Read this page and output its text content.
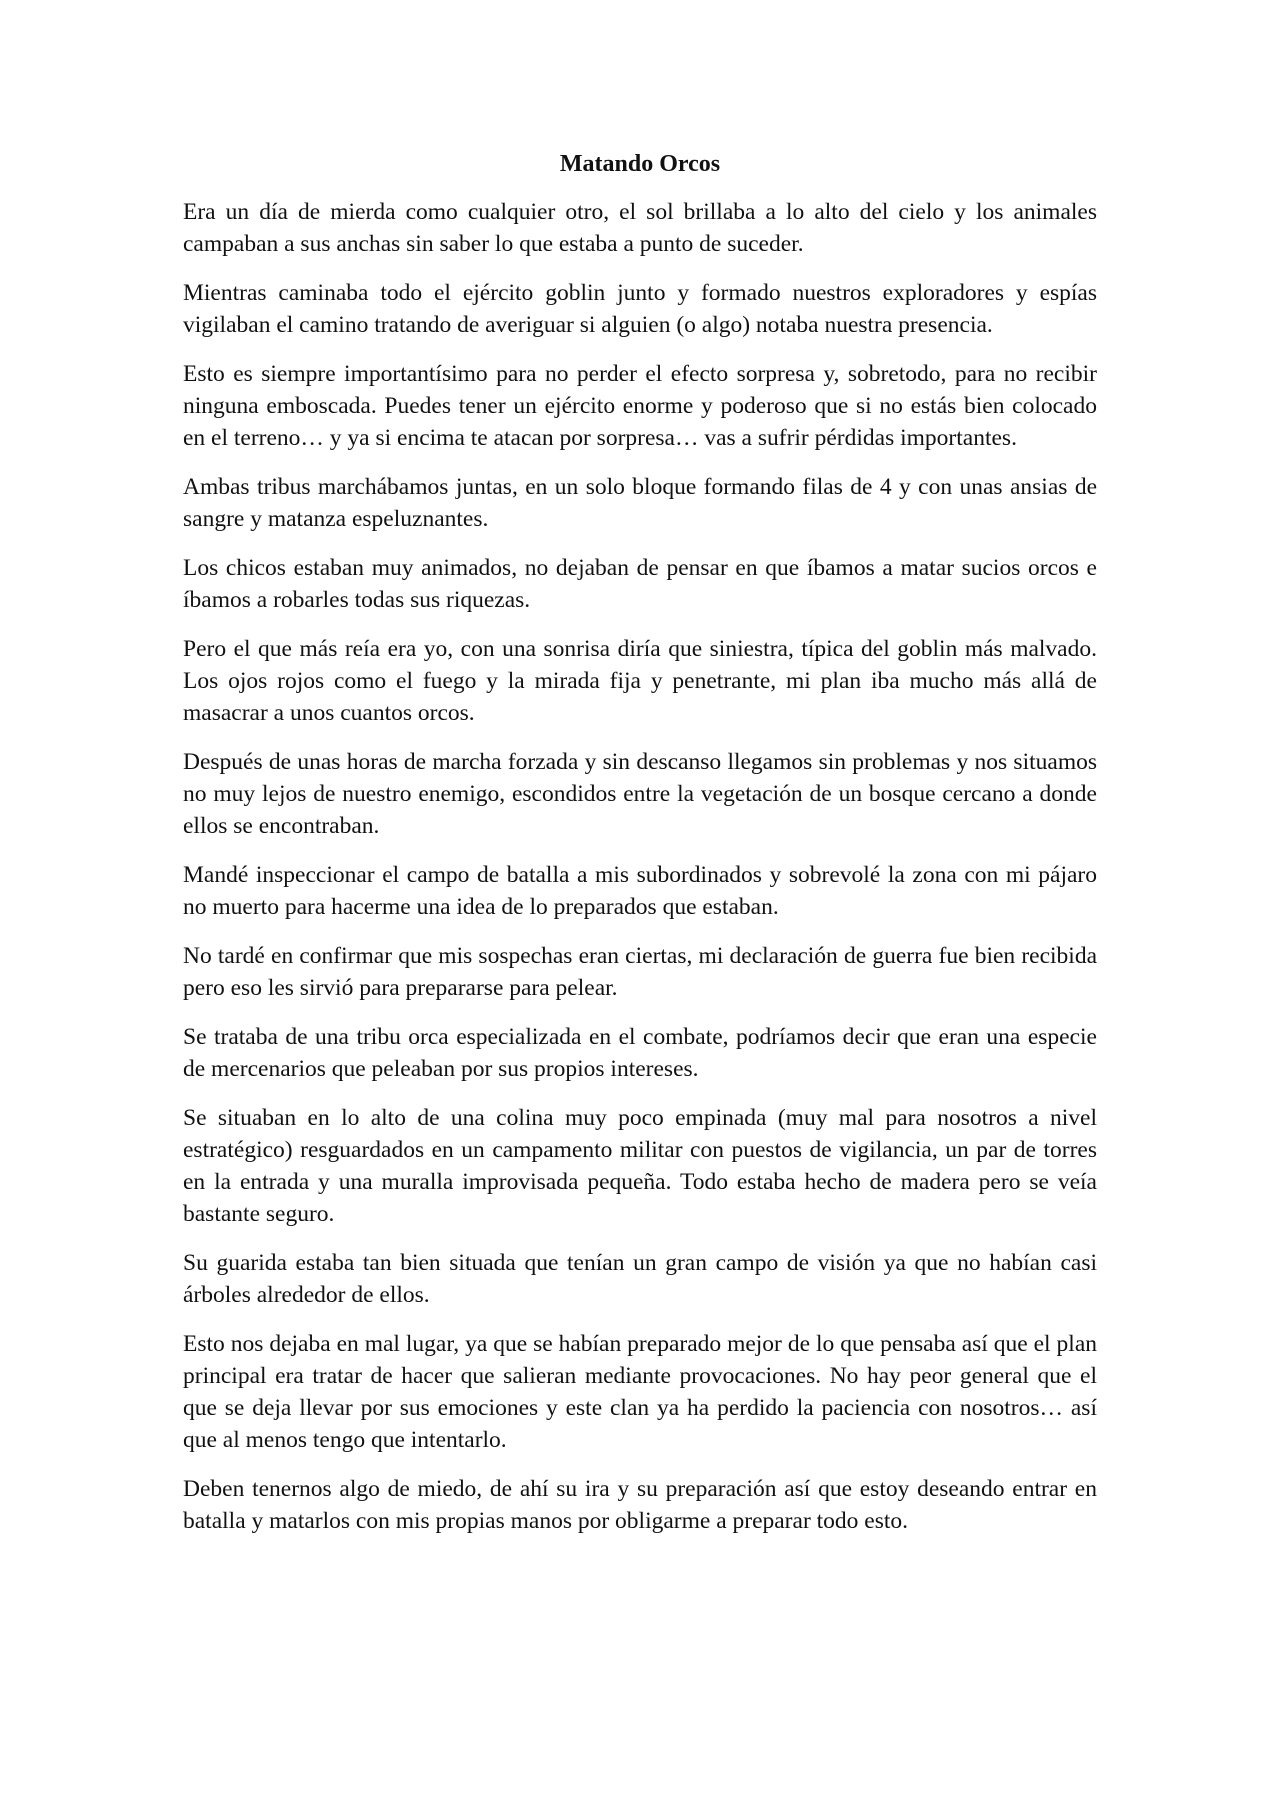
Matando Orcos

Era un día de mierda como cualquier otro, el sol brillaba a lo alto del cielo y los animales campaban a sus anchas sin saber lo que estaba a punto de suceder.

Mientras caminaba todo el ejército goblin junto y formado nuestros exploradores y espías vigilaban el camino tratando de averiguar si alguien (o algo) notaba nuestra presencia.

Esto es siempre importantísimo para no perder el efecto sorpresa y, sobretodo, para no recibir ninguna emboscada. Puedes tener un ejército enorme y poderoso que si no estás bien colocado en el terreno… y ya si encima te atacan por sorpresa… vas a sufrir pérdidas importantes.

Ambas tribus marchábamos juntas, en un solo bloque formando filas de 4 y con unas ansias de sangre y matanza espeluznantes.

Los chicos estaban muy animados, no dejaban de pensar en que íbamos a matar sucios orcos e íbamos a robarles todas sus riquezas.

Pero el que más reía era yo, con una sonrisa diría que siniestra, típica del goblin más malvado. Los ojos rojos como el fuego y la mirada fija y penetrante, mi plan iba mucho más allá de masacrar a unos cuantos orcos.

Después de unas horas de marcha forzada y sin descanso llegamos sin problemas y nos situamos no muy lejos de nuestro enemigo, escondidos entre la vegetación de un bosque cercano a donde ellos se encontraban.

Mandé inspeccionar el campo de batalla a mis subordinados y sobrevolé la zona con mi pájaro no muerto para hacerme una idea de lo preparados que estaban.

No tardé en confirmar que mis sospechas eran ciertas, mi declaración de guerra fue bien recibida pero eso les sirvió para prepararse para pelear.

Se trataba de una tribu orca especializada en el combate, podríamos decir que eran una especie de mercenarios que peleaban por sus propios intereses.

Se situaban en lo alto de una colina muy poco empinada (muy mal para nosotros a nivel estratégico) resguardados en un campamento militar con puestos de vigilancia, un par de torres en la entrada y una muralla improvisada pequeña. Todo estaba hecho de madera pero se veía bastante seguro.

Su guarida estaba tan bien situada que tenían un gran campo de visión ya que no habían casi árboles alrededor de ellos.

Esto nos dejaba en mal lugar, ya que se habían preparado mejor de lo que pensaba así que el plan principal era tratar de hacer que salieran mediante provocaciones. No hay peor general que el que se deja llevar por sus emociones y este clan ya ha perdido la paciencia con nosotros… así que al menos tengo que intentarlo.

Deben tenernos algo de miedo, de ahí su ira y su preparación así que estoy deseando entrar en batalla y matarlos con mis propias manos por obligarme a preparar todo esto.
